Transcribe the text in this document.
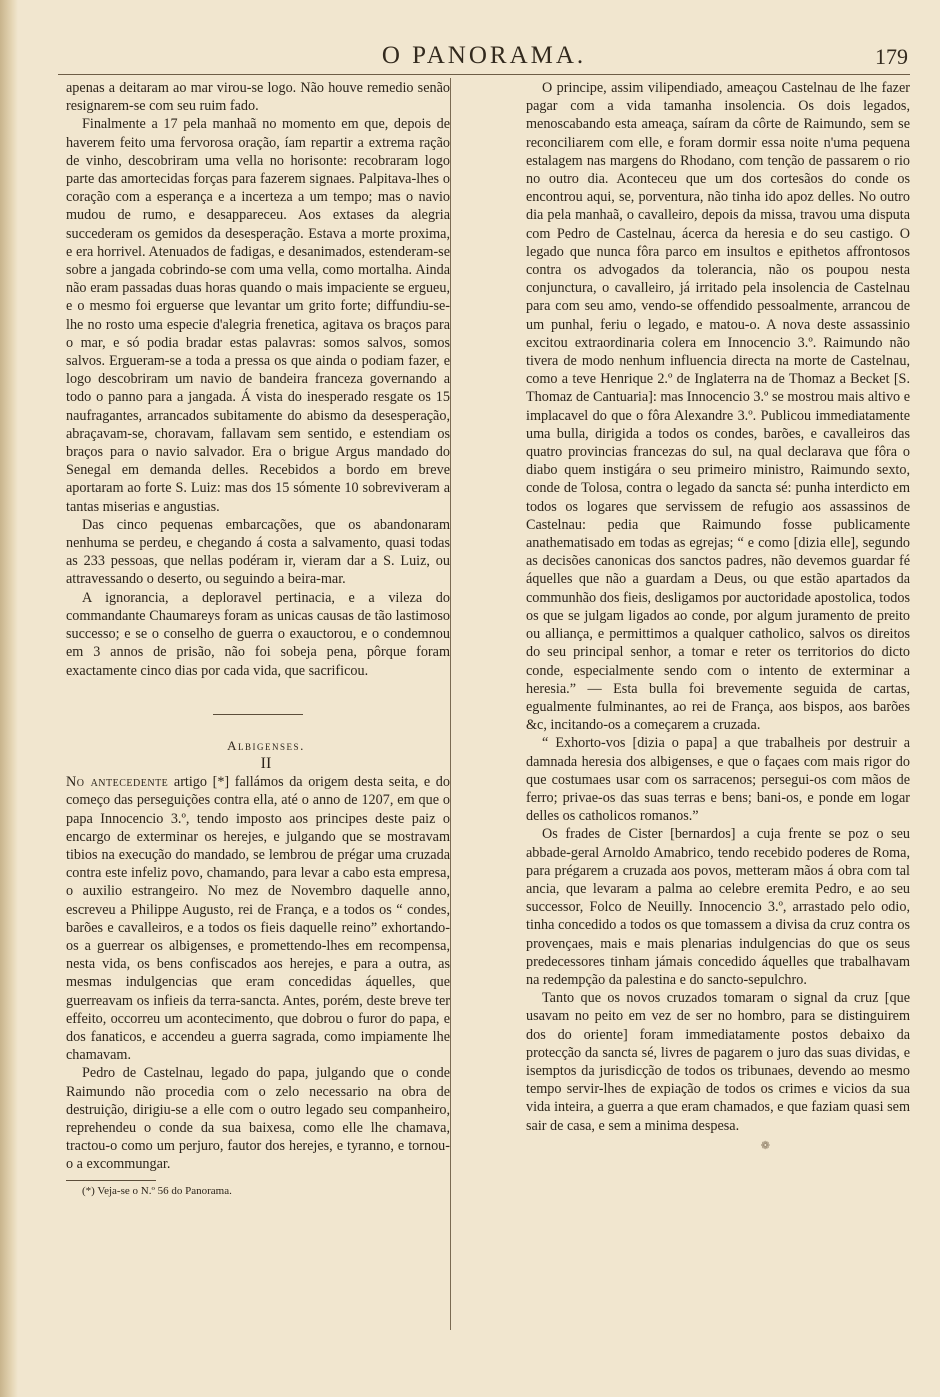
O PANORAMA.	179

apenas a deitaram ao mar virou-se logo. Não houve remedio senão resignarem-se com seu ruim fado.

Finalmente a 17 pela manhaã no momento em que, depois de haverem feito uma fervorosa oração, íam repartir a extrema ração de vinho, descobriram uma vella no horisonte: recobraram logo parte das amortecidas forças para fazerem signaes. Palpitava-lhes o coração com a esperança e a incerteza a um tempo; mas o navio mudou de rumo, e desappareceu. Aos extases da alegria succederam os gemidos da desesperação. Estava a morte proxima, e era horrivel. Atenuados de fadigas, e desanimados, estenderam-se sobre a jangada cobrindo-se com uma vella, como mortalha. Ainda não eram passadas duas horas quando o mais impaciente se ergueu, e o mesmo foi erguerse que levantar um grito forte; diffundiu-se-lhe no rosto uma especie d'alegria frenetica, agitava os braços para o mar, e só podia bradar estas palavras: somos salvos, somos salvos. Ergueram-se a toda a pressa os que ainda o podiam fazer, e logo descobriram um navio de bandeira franceza governando a todo o panno para a jangada. Á vista do inesperado resgate os 15 naufragantes, arrancados subitamente do abismo da desesperação, abraçavam-se, choravam, fallavam sem sentido, e estendiam os braços para o navio salvador. Era o brigue Argus mandado do Senegal em demanda delles. Recebidos a bordo em breve aportaram ao forte S. Luiz: mas dos 15 sómente 10 sobreviveram a tantas miserias e angustias.

Das cinco pequenas embarcações, que os abandonaram nenhuma se perdeu, e chegando á costa a salvamento, quasi todas as 233 pessoas, que nellas podéram ir, vieram dar a S. Luiz, ou attravessando o deserto, ou seguindo a beira-mar.

A ignorancia, a deploravel pertinacia, e a vileza do commandante Chaumareys foram as unicas causas de tão lastimoso successo; e se o conselho de guerra o exauctorou, e o condemnou em 3 annos de prisão, não foi sobeja pena, pôrque foram exactamente cinco dias por cada vida, que sacrificou.

Albigenses.

II

No antecedente artigo [*] fallámos da origem desta seita, e do começo das perseguições contra ella, até o anno de 1207, em que o papa Innocencio 3.º, tendo imposto aos principes deste paiz o encargo de exterminar os herejes, e julgando que se mostravam tibios na execução do mandado, se lembrou de prégar uma cruzada contra este infeliz povo, chamando, para levar a cabo esta empresa, o auxilio estrangeiro. No mez de Novembro daquelle anno, escreveu a Philippe Augusto, rei de França, e a todos os “ condes, barões e cavalleiros, e a todos os fieis daquelle reino” exhortando-os a guerrear os albigenses, e promettendo-lhes em recompensa, nesta vida, os bens confiscados aos herejes, e para a outra, as mesmas indulgencias que eram concedidas áquelles, que guerreavam os infieis da terra-sancta. Antes, porém, deste breve ter effeito, occorreu um acontecimento, que dobrou o furor do papa, e dos fanaticos, e accendeu a guerra sagrada, como impiamente lhe chamavam.

Pedro de Castelnau, legado do papa, julgando que o conde Raimundo não procedia com o zelo necessario na obra de destruição, dirigiu-se a elle com o outro legado seu companheiro, reprehendeu o conde da sua baixesa, como elle lhe chamava, tractou-o como um perjuro, fautor dos herejes, e tyranno, e tornou-o a excommungar.

(*) Veja-se o N.º 56 do Panorama.

O principe, assim vilipendiado, ameaçou Castelnau de lhe fazer pagar com a vida tamanha insolencia. Os dois legados, menoscabando esta ameaça, saíram da côrte de Raimundo, sem se reconciliarem com elle, e foram dormir essa noite n'uma pequena estalagem nas margens do Rhodano, com tenção de passarem o rio no outro dia. Aconteceu que um dos cortesãos do conde os encontrou aqui, se, porventura, não tinha ido apoz delles. No outro dia pela manhaã, o cavalleiro, depois da missa, travou uma disputa com Pedro de Castelnau, ácerca da heresia e do seu castigo. O legado que nunca fôra parco em insultos e epithetos affrontosos contra os advogados da tolerancia, não os poupou nesta conjunctura, o cavalleiro, já irritado pela insolencia de Castelnau para com seu amo, vendo-se offendido pessoalmente, arrancou de um punhal, feriu o legado, e matou-o. A nova deste assassinio excitou extraordinaria colera em Innocencio 3.º. Raimundo não tivera de modo nenhum influencia directa na morte de Castelnau, como a teve Henrique 2.º de Inglaterra na de Thomaz a Becket [S. Thomaz de Cantuaria]: mas Innocencio 3.º se mostrou mais altivo e implacavel do que o fôra Alexandre 3.º. Publicou immediatamente uma bulla, dirigida a todos os condes, barões, e cavalleiros das quatro provincias francezas do sul, na qual declarava que fôra o diabo quem instigára o seu primeiro ministro, Raimundo sexto, conde de Tolosa, contra o legado da sancta sé: punha interdicto em todos os logares que servissem de refugio aos assassinos de Castelnau: pedia que Raimundo fosse publicamente anathematisado em todas as egrejas; “ e como [dizia elle], segundo as decisões canonicas dos sanctos padres, não devemos guardar fé áquelles que não a guardam a Deus, ou que estão apartados da communhão dos fieis, desligamos por auctoridade apostolica, todos os que se julgam ligados ao conde, por algum juramento de preito ou alliança, e permittimos a qualquer catholico, salvos os direitos do seu principal senhor, a tomar e reter os territorios do dicto conde, especialmente sendo com o intento de exterminar a heresia.” — Esta bulla foi brevemente seguida de cartas, egualmente fulminantes, ao rei de França, aos bispos, aos barões &c, incitando-os a começarem a cruzada.

“ Exhorto-vos [dizia o papa] a que trabalheis por destruir a damnada heresia dos albigenses, e que o façaes com mais rigor do que costumaes usar com os sarracenos; persegui-os com mãos de ferro; privae-os das suas terras e bens; bani-os, e ponde em logar delles os catholicos romanos.”

Os frades de Cister [bernardos] a cuja frente se poz o seu abbade-geral Arnoldo Amabrico, tendo recebido poderes de Roma, para prégarem a cruzada aos povos, metteram mãos á obra com tal ancia, que levaram a palma ao celebre eremita Pedro, e ao seu successor, Folco de Neuilly. Innocencio 3.º, arrastado pelo odio, tinha concedido a todos os que tomassem a divisa da cruz contra os provençaes, mais e mais plenarias indulgencias do que os seus predecessores tinham jámais concedido áquelles que trabalhavam na redempção da palestina e do sancto-sepulchro.

Tanto que os novos cruzados tomaram o signal da cruz [que usavam no peito em vez de ser no hombro, para se distinguirem dos do oriente] foram immediatamente postos debaixo da protecção da sancta sé, livres de pagarem o juro das suas dividas, e isemptos da jurisdicção de todos os tribunaes, devendo ao mesmo tempo servir-lhes de expiação de todos os crimes e vicios da sua vida inteira, a guerra a que eram chamados, e que faziam quasi sem sair de casa, e sem a minima despesa.

❁
